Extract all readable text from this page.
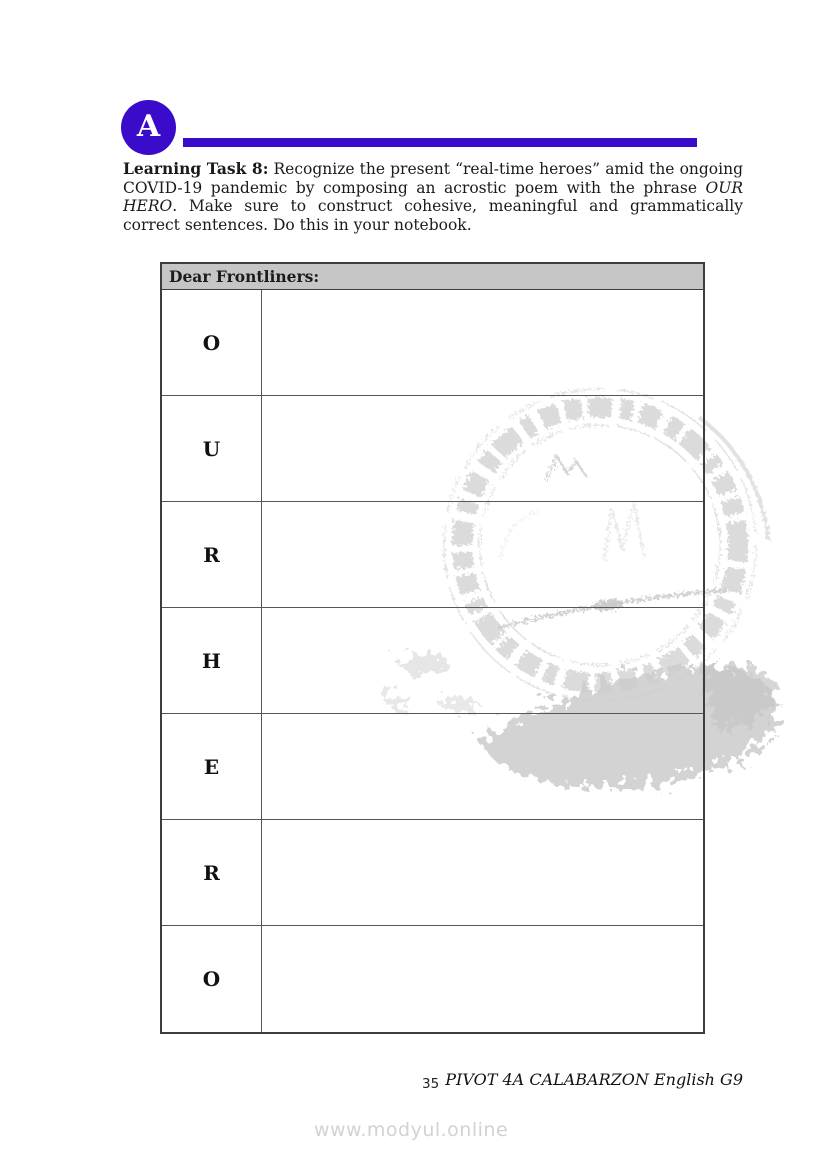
A

Learning Task 8: Recognize the present “real-time heroes” amid the ongoing COVID-19 pandemic by composing an acrostic poem with the phrase OUR HERO. Make sure to construct cohesive, meaningful and grammatically correct sentences. Do this in your notebook.

Dear Frontliners:
O
U
R
H
E
R
O
35 PIVOT 4A CALABARZON English G9
www.modyul.online
